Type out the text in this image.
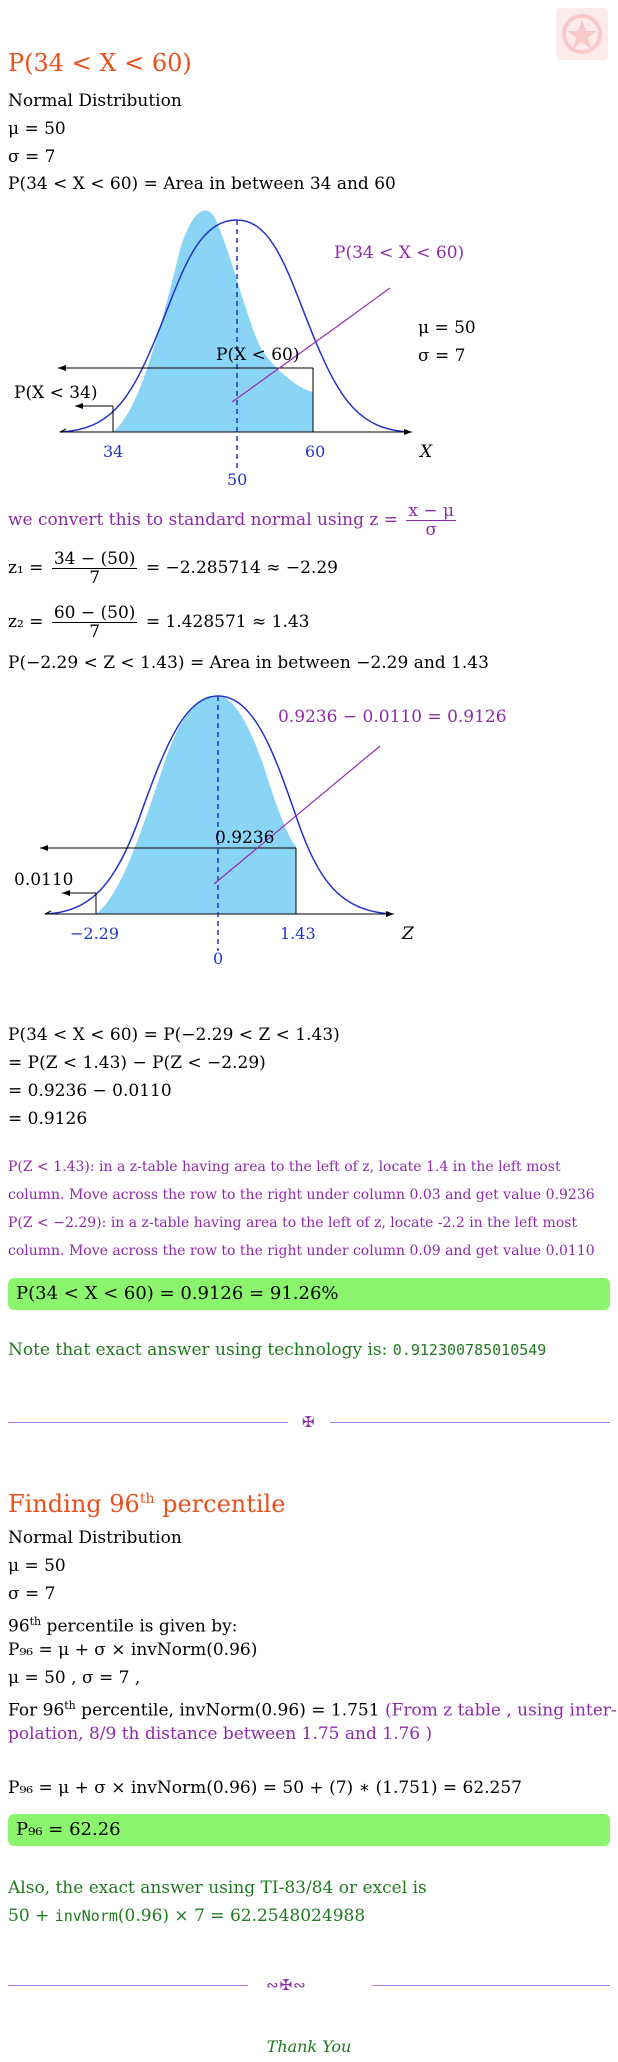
P(34 < X < 60)
Normal Distribution
μ = 50
σ = 7
P(34 < X < 60) = Area in between 34 and 60
P(34 < X < 60)
P(X < 60)
P(X < 34)
μ = 50
σ = 7
34	60
50
X
we convert this to standard normal using $z = \frac{x - \mu}{\sigma}$
$z_1 = \frac{34 - (50)}{7} = -2.285714 \approx -2.29$
$z_2 = \frac{60 - (50)}{7} = 1.428571 \approx 1.43$
P(−2.29 < Z < 1.43) = Area in between −2.29 and 1.43
0.9236 − 0.0110 = 0.9126
0.9236
0.0110
−2.29	1.43
0
Z
P(34 < X < 60) = P(−2.29 < Z < 1.43)
= P(Z < 1.43) − P(Z < −2.29)
= 0.9236 − 0.0110
= 0.9126
P(Z < 1.43): in a z-table having area to the left of z, locate 1.4 in the left most
column. Move across the row to the right under column 0.03 and get value 0.9236
P(Z < −2.29): in a z-table having area to the left of z, locate -2.2 in the left most
column. Move across the row to the right under column 0.09 and get value 0.0110
P(34 < X < 60) = 0.9126 = 91.26%
Note that exact answer using technology is: 0.912300785010549
✠
Finding 96th percentile
Normal Distribution
μ = 50
σ = 7
96th percentile is given by:
P₉₆ = μ + σ × invNorm(0.96)
μ = 50 , σ = 7 ,
For 96th percentile, invNorm(0.96) = 1.751 (From z table , using inter-
polation, 8/9 th distance between 1.75 and 1.76 )
P₉₆ = μ + σ × invNorm(0.96) = 50 + (7) ∗ (1.751) = 62.257
P₉₆ = 62.26
Also, the exact answer using TI-83/84 or excel is
50 + invNorm(0.96) × 7 = 62.2548024988
∾✠∾
Thank You
